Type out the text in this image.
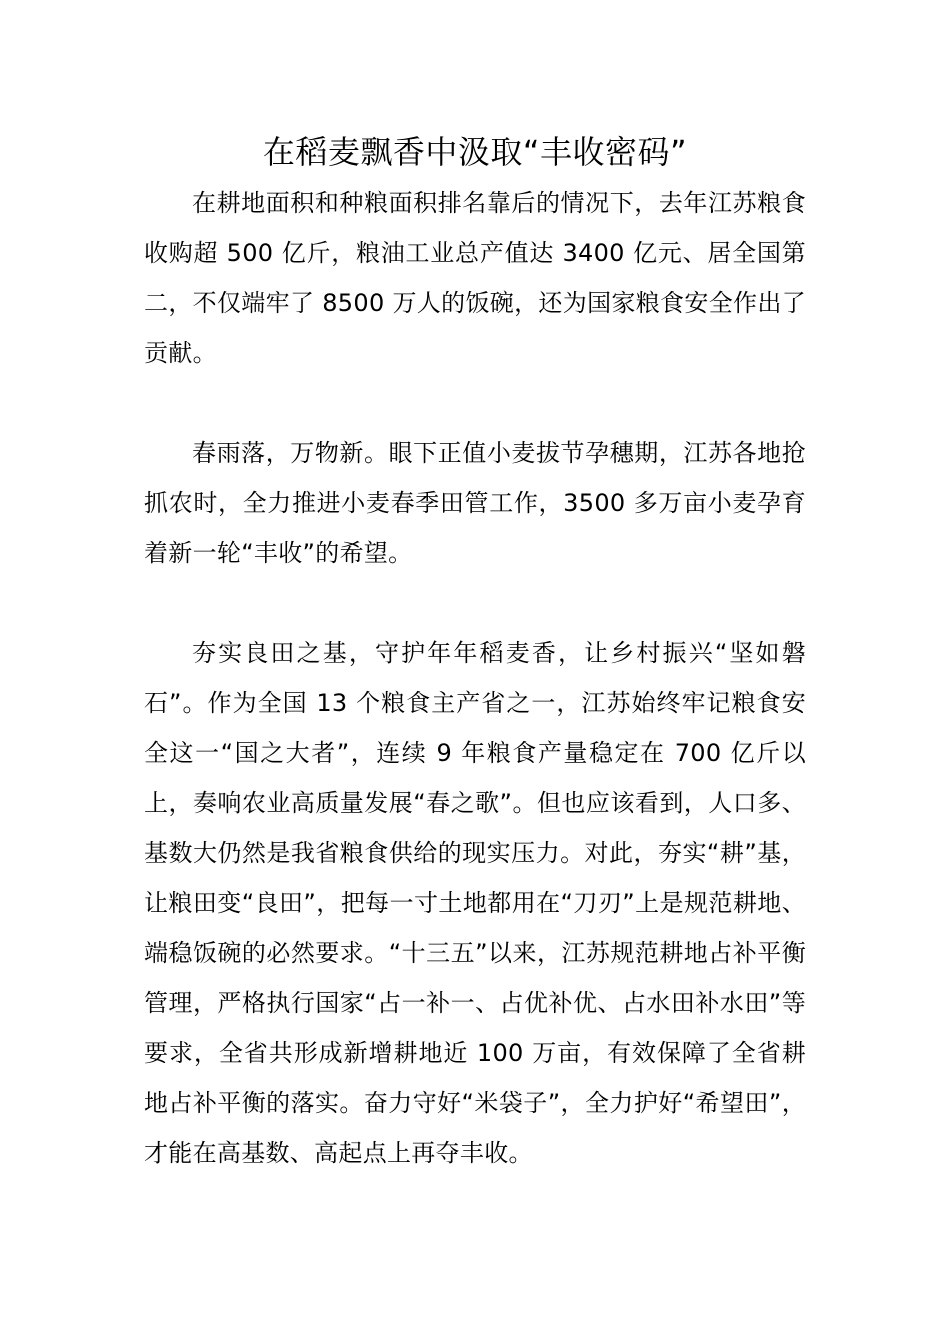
在稻麦飘香中汲取“丰收密码”

在耕地面积和种粮面积排名靠后的情况下，去年江苏粮食收购超 500 亿斤，粮油工业总产值达 3400 亿元、居全国第二，不仅端牢了 8500 万人的饭碗，还为国家粮食安全作出了贡献。

春雨落，万物新。眼下正值小麦拔节孕穗期，江苏各地抢抓农时，全力推进小麦春季田管工作，3500 多万亩小麦孕育着新一轮“丰收”的希望。

夯实良田之基，守护年年稻麦香，让乡村振兴“坚如磐石”。作为全国 13 个粮食主产省之一，江苏始终牢记粮食安全这一“国之大者”，连续 9 年粮食产量稳定在 700 亿斤以上，奏响农业高质量发展“春之歌”。但也应该看到，人口多、基数大仍然是我省粮食供给的现实压力。对此，夯实“耕”基，让粮田变“良田”，把每一寸土地都用在“刀刃”上是规范耕地、端稳饭碗的必然要求。“十三五”以来，江苏规范耕地占补平衡管理，严格执行国家“占一补一、占优补优、占水田补水田”等要求，全省共形成新增耕地近 100 万亩，有效保障了全省耕地占补平衡的落实。奋力守好“米袋子”，全力护好“希望田”，才能在高基数、高起点上再夺丰收。
